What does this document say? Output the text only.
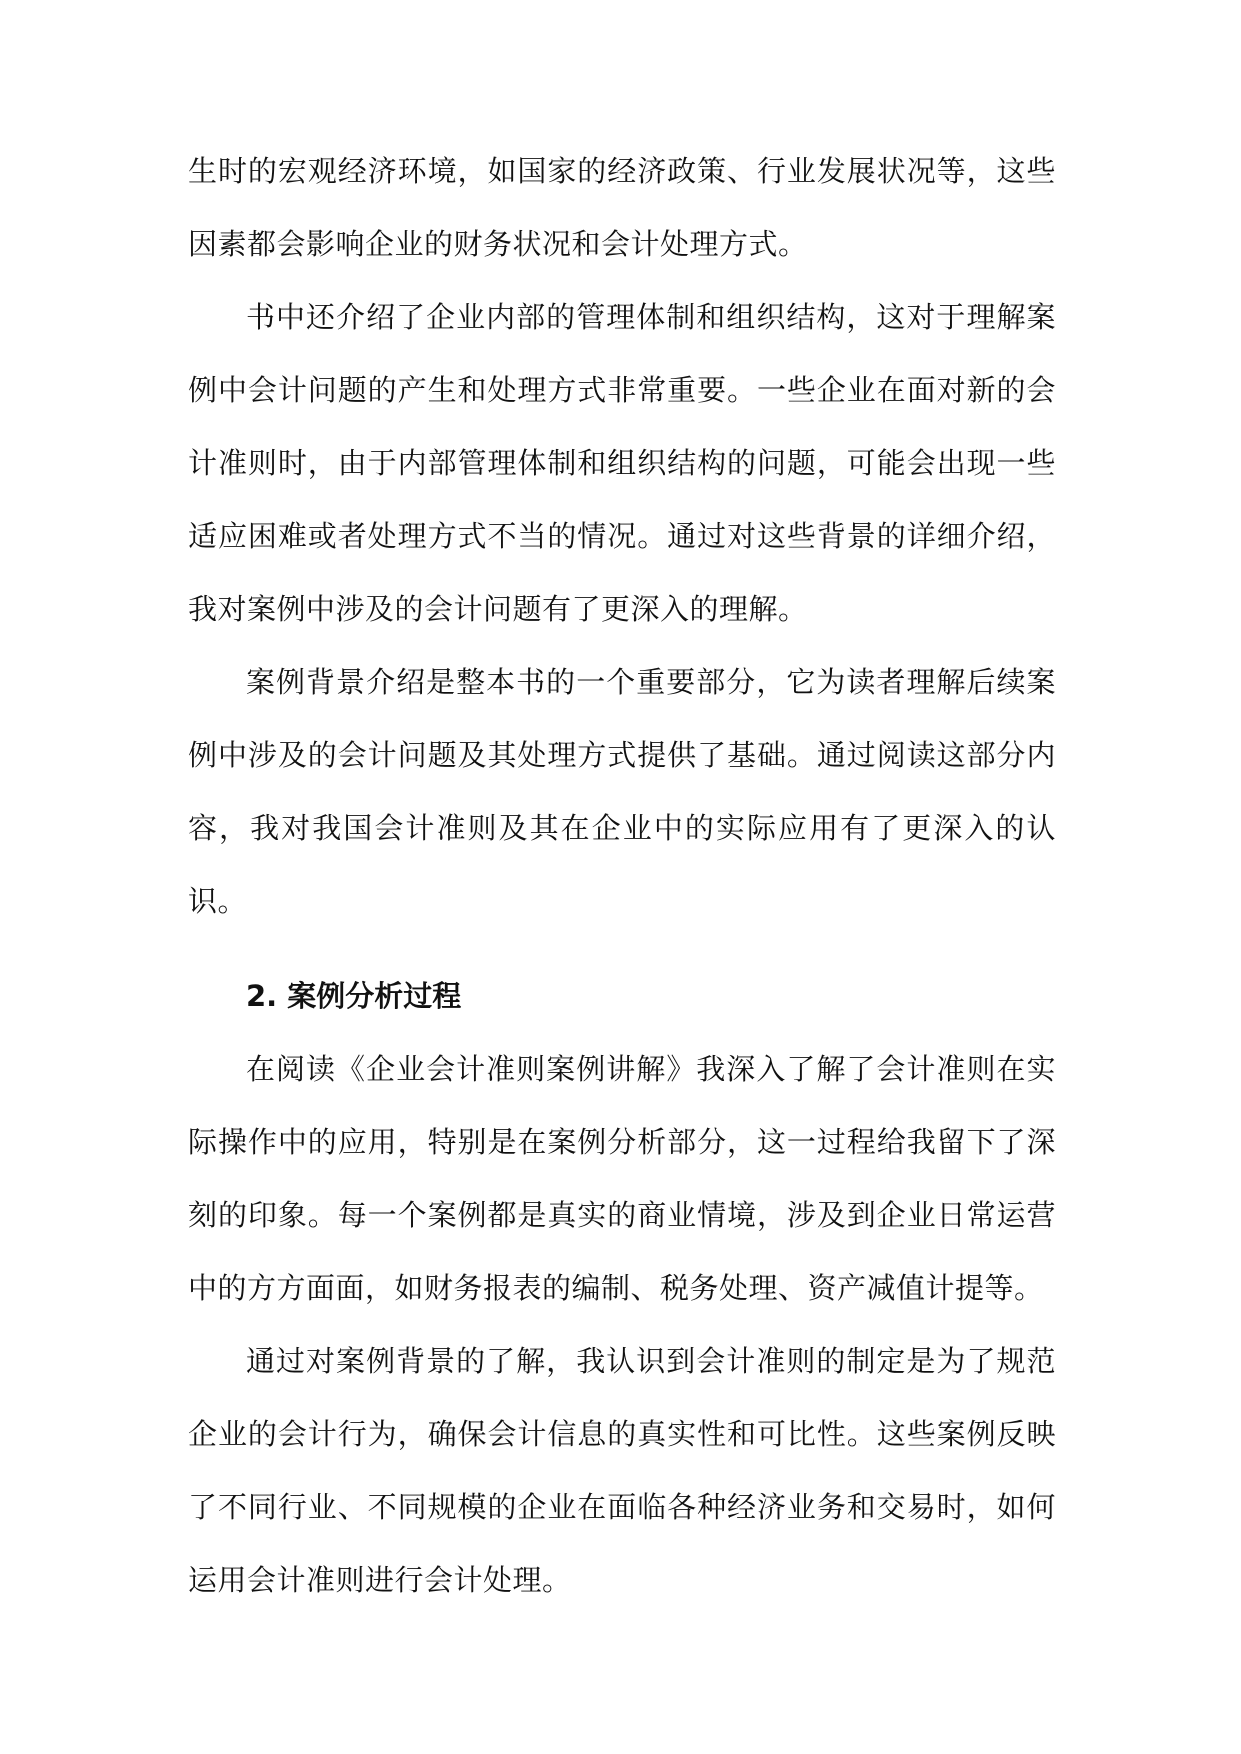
生时的宏观经济环境，如国家的经济政策、行业发展状况等，这些因素都会影响企业的财务状况和会计处理方式。

书中还介绍了企业内部的管理体制和组织结构，这对于理解案例中会计问题的产生和处理方式非常重要。一些企业在面对新的会计准则时，由于内部管理体制和组织结构的问题，可能会出现一些适应困难或者处理方式不当的情况。通过对这些背景的详细介绍，我对案例中涉及的会计问题有了更深入的理解。

案例背景介绍是整本书的一个重要部分，它为读者理解后续案例中涉及的会计问题及其处理方式提供了基础。通过阅读这部分内容，我对我国会计准则及其在企业中的实际应用有了更深入的认识。

2. 案例分析过程

在阅读《企业会计准则案例讲解》我深入了解了会计准则在实际操作中的应用，特别是在案例分析部分，这一过程给我留下了深刻的印象。每一个案例都是真实的商业情境，涉及到企业日常运营中的方方面面，如财务报表的编制、税务处理、资产减值计提等。

通过对案例背景的了解，我认识到会计准则的制定是为了规范企业的会计行为，确保会计信息的真实性和可比性。这些案例反映了不同行业、不同规模的企业在面临各种经济业务和交易时，如何运用会计准则进行会计处理。
